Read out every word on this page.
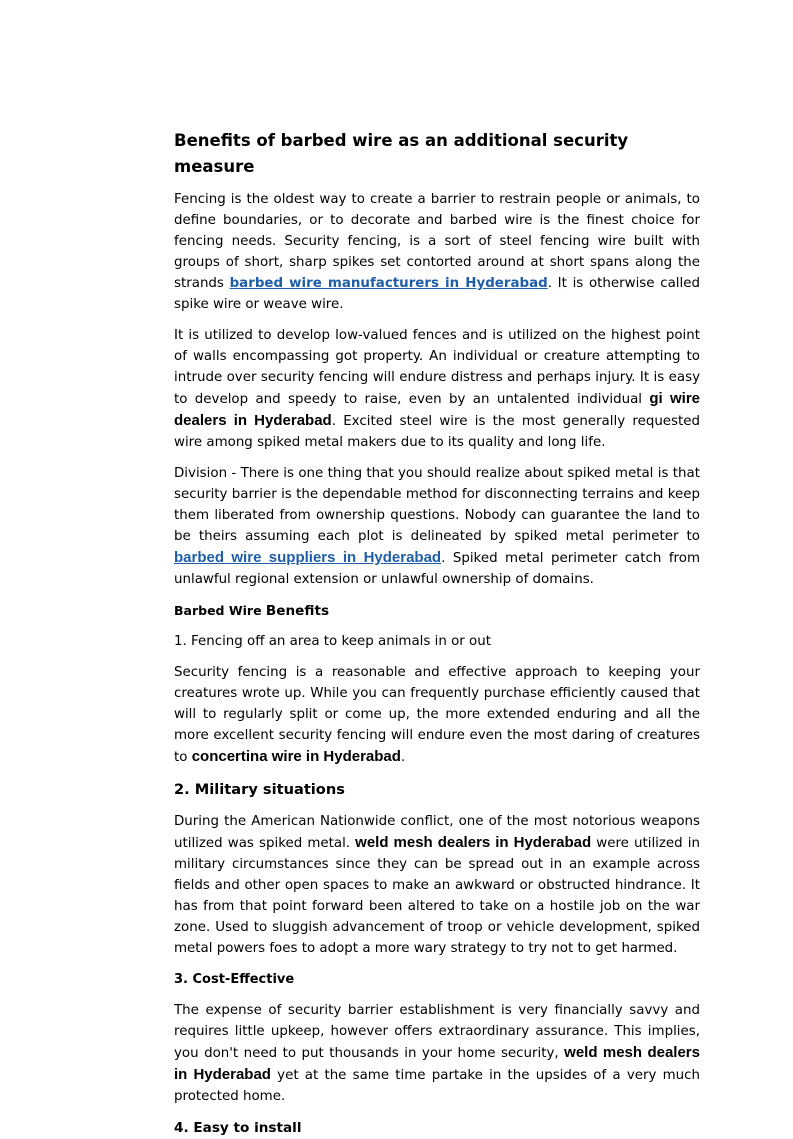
Benefits of barbed wire as an additional security measure

Fencing is the oldest way to create a barrier to restrain people or animals, to define boundaries, or to decorate and barbed wire is the finest choice for fencing needs. Security fencing, is a sort of steel fencing wire built with groups of short, sharp spikes set contorted around at short spans along the strands barbed wire manufacturers in Hyderabad. It is otherwise called spike wire or weave wire.

It is utilized to develop low-valued fences and is utilized on the highest point of walls encompassing got property. An individual or creature attempting to intrude over security fencing will endure distress and perhaps injury. It is easy to develop and speedy to raise, even by an untalented individual gi wire dealers in Hyderabad. Excited steel wire is the most generally requested wire among spiked metal makers due to its quality and long life.

Division - There is one thing that you should realize about spiked metal is that security barrier is the dependable method for disconnecting terrains and keep them liberated from ownership questions. Nobody can guarantee the land to be theirs assuming each plot is delineated by spiked metal perimeter to barbed wire suppliers in Hyderabad. Spiked metal perimeter catch from unlawful regional extension or unlawful ownership of domains.

Barbed Wire Benefits
1. Fencing off an area to keep animals in or out

Security fencing is a reasonable and effective approach to keeping your creatures wrote up. While you can frequently purchase efficiently caused that will to regularly split or come up, the more extended enduring and all the more excellent security fencing will endure even the most daring of creatures to concertina wire in Hyderabad.

2. Military situations

During the American Nationwide conflict, one of the most notorious weapons utilized was spiked metal. weld mesh dealers in Hyderabad were utilized in military circumstances since they can be spread out in an example across fields and other open spaces to make an awkward or obstructed hindrance. It has from that point forward been altered to take on a hostile job on the war zone. Used to sluggish advancement of troop or vehicle development, spiked metal powers foes to adopt a more wary strategy to try not to get harmed.

3. Cost-Effective

The expense of security barrier establishment is very financially savvy and requires little upkeep, however offers extraordinary assurance. This implies, you don't need to put thousands in your home security, weld mesh dealers in Hyderabad yet at the same time partake in the upsides of a very much protected home.

4. Easy to install
